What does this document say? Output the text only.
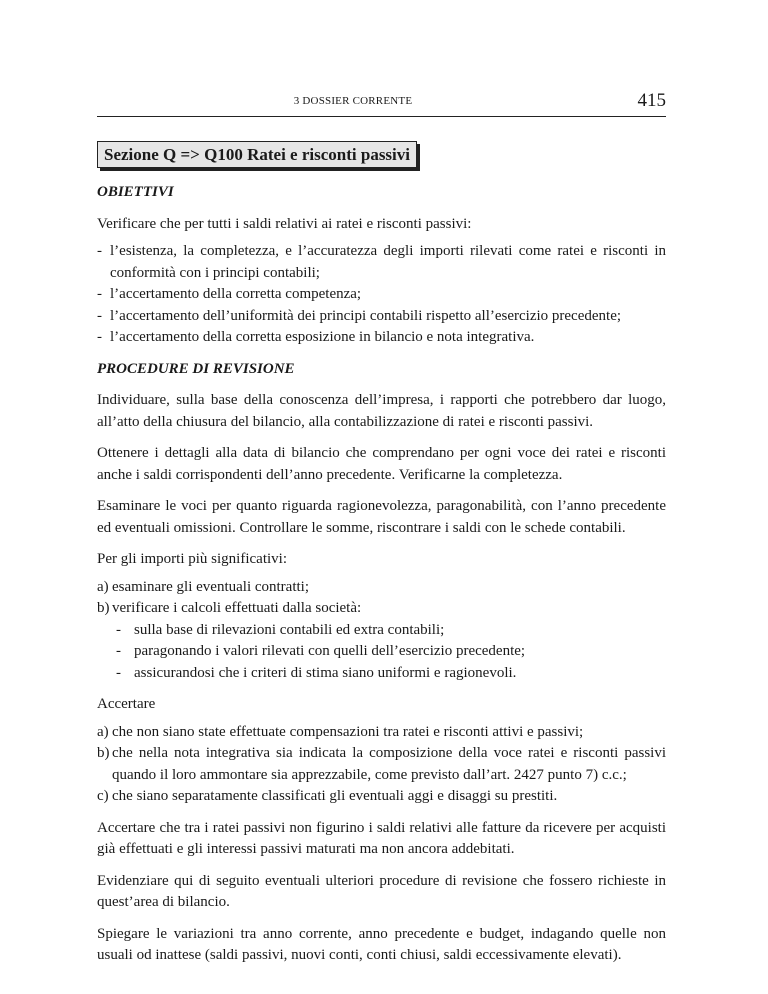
3 DOSSIER CORRENTE	415
Sezione Q => Q100 Ratei e risconti passivi
OBIETTIVI

Verificare che per tutti i saldi relativi ai ratei e risconti passivi:

- l’esistenza, la completezza, e l’accuratezza degli importi rilevati come ratei e risconti in conformità con i principi contabili;
- l’accertamento della corretta competenza;
- l’accertamento dell’uniformità dei principi contabili rispetto all’esercizio precedente;
- l’accertamento della corretta esposizione in bilancio e nota integrativa.
PROCEDURE DI REVISIONE

Individuare, sulla base della conoscenza dell’impresa, i rapporti che potrebbero dar luogo, all’atto della chiusura del bilancio, alla contabilizzazione di ratei e risconti passivi.

Ottenere i dettagli alla data di bilancio che comprendano per ogni voce dei ratei e risconti anche i saldi corrispondenti dell’anno precedente. Verificarne la completezza.

Esaminare le voci per quanto riguarda ragionevolezza, paragonabilità, con l’anno precedente ed eventuali omissioni. Controllare le somme, riscontrare i saldi con le schede contabili.

Per gli importi più significativi:

a) esaminare gli eventuali contratti;
b) verificare i calcoli effettuati dalla società:
- sulla base di rilevazioni contabili ed extra contabili;
- paragonando i valori rilevati con quelli dell’esercizio precedente;
- assicurandosi che i criteri di stima siano uniformi e ragionevoli.

Accertare

a) che non siano state effettuate compensazioni tra ratei e risconti attivi e passivi;
b) che nella nota integrativa sia indicata la composizione della voce ratei e risconti passivi quando il loro ammontare sia apprezzabile, come previsto dall’art. 2427 punto 7) c.c.;
c) che siano separatamente classificati gli eventuali aggi e disaggi su prestiti.

Accertare che tra i ratei passivi non figurino i saldi relativi alle fatture da ricevere per acquisti già effettuati e gli interessi passivi maturati ma non ancora addebitati.

Evidenziare qui di seguito eventuali ulteriori procedure di revisione che fossero richieste in quest’area di bilancio.

Spiegare le variazioni tra anno corrente, anno precedente e budget, indagando quelle non usuali od inattese (saldi passivi, nuovi conti, conti chiusi, saldi eccessivamente elevati).
